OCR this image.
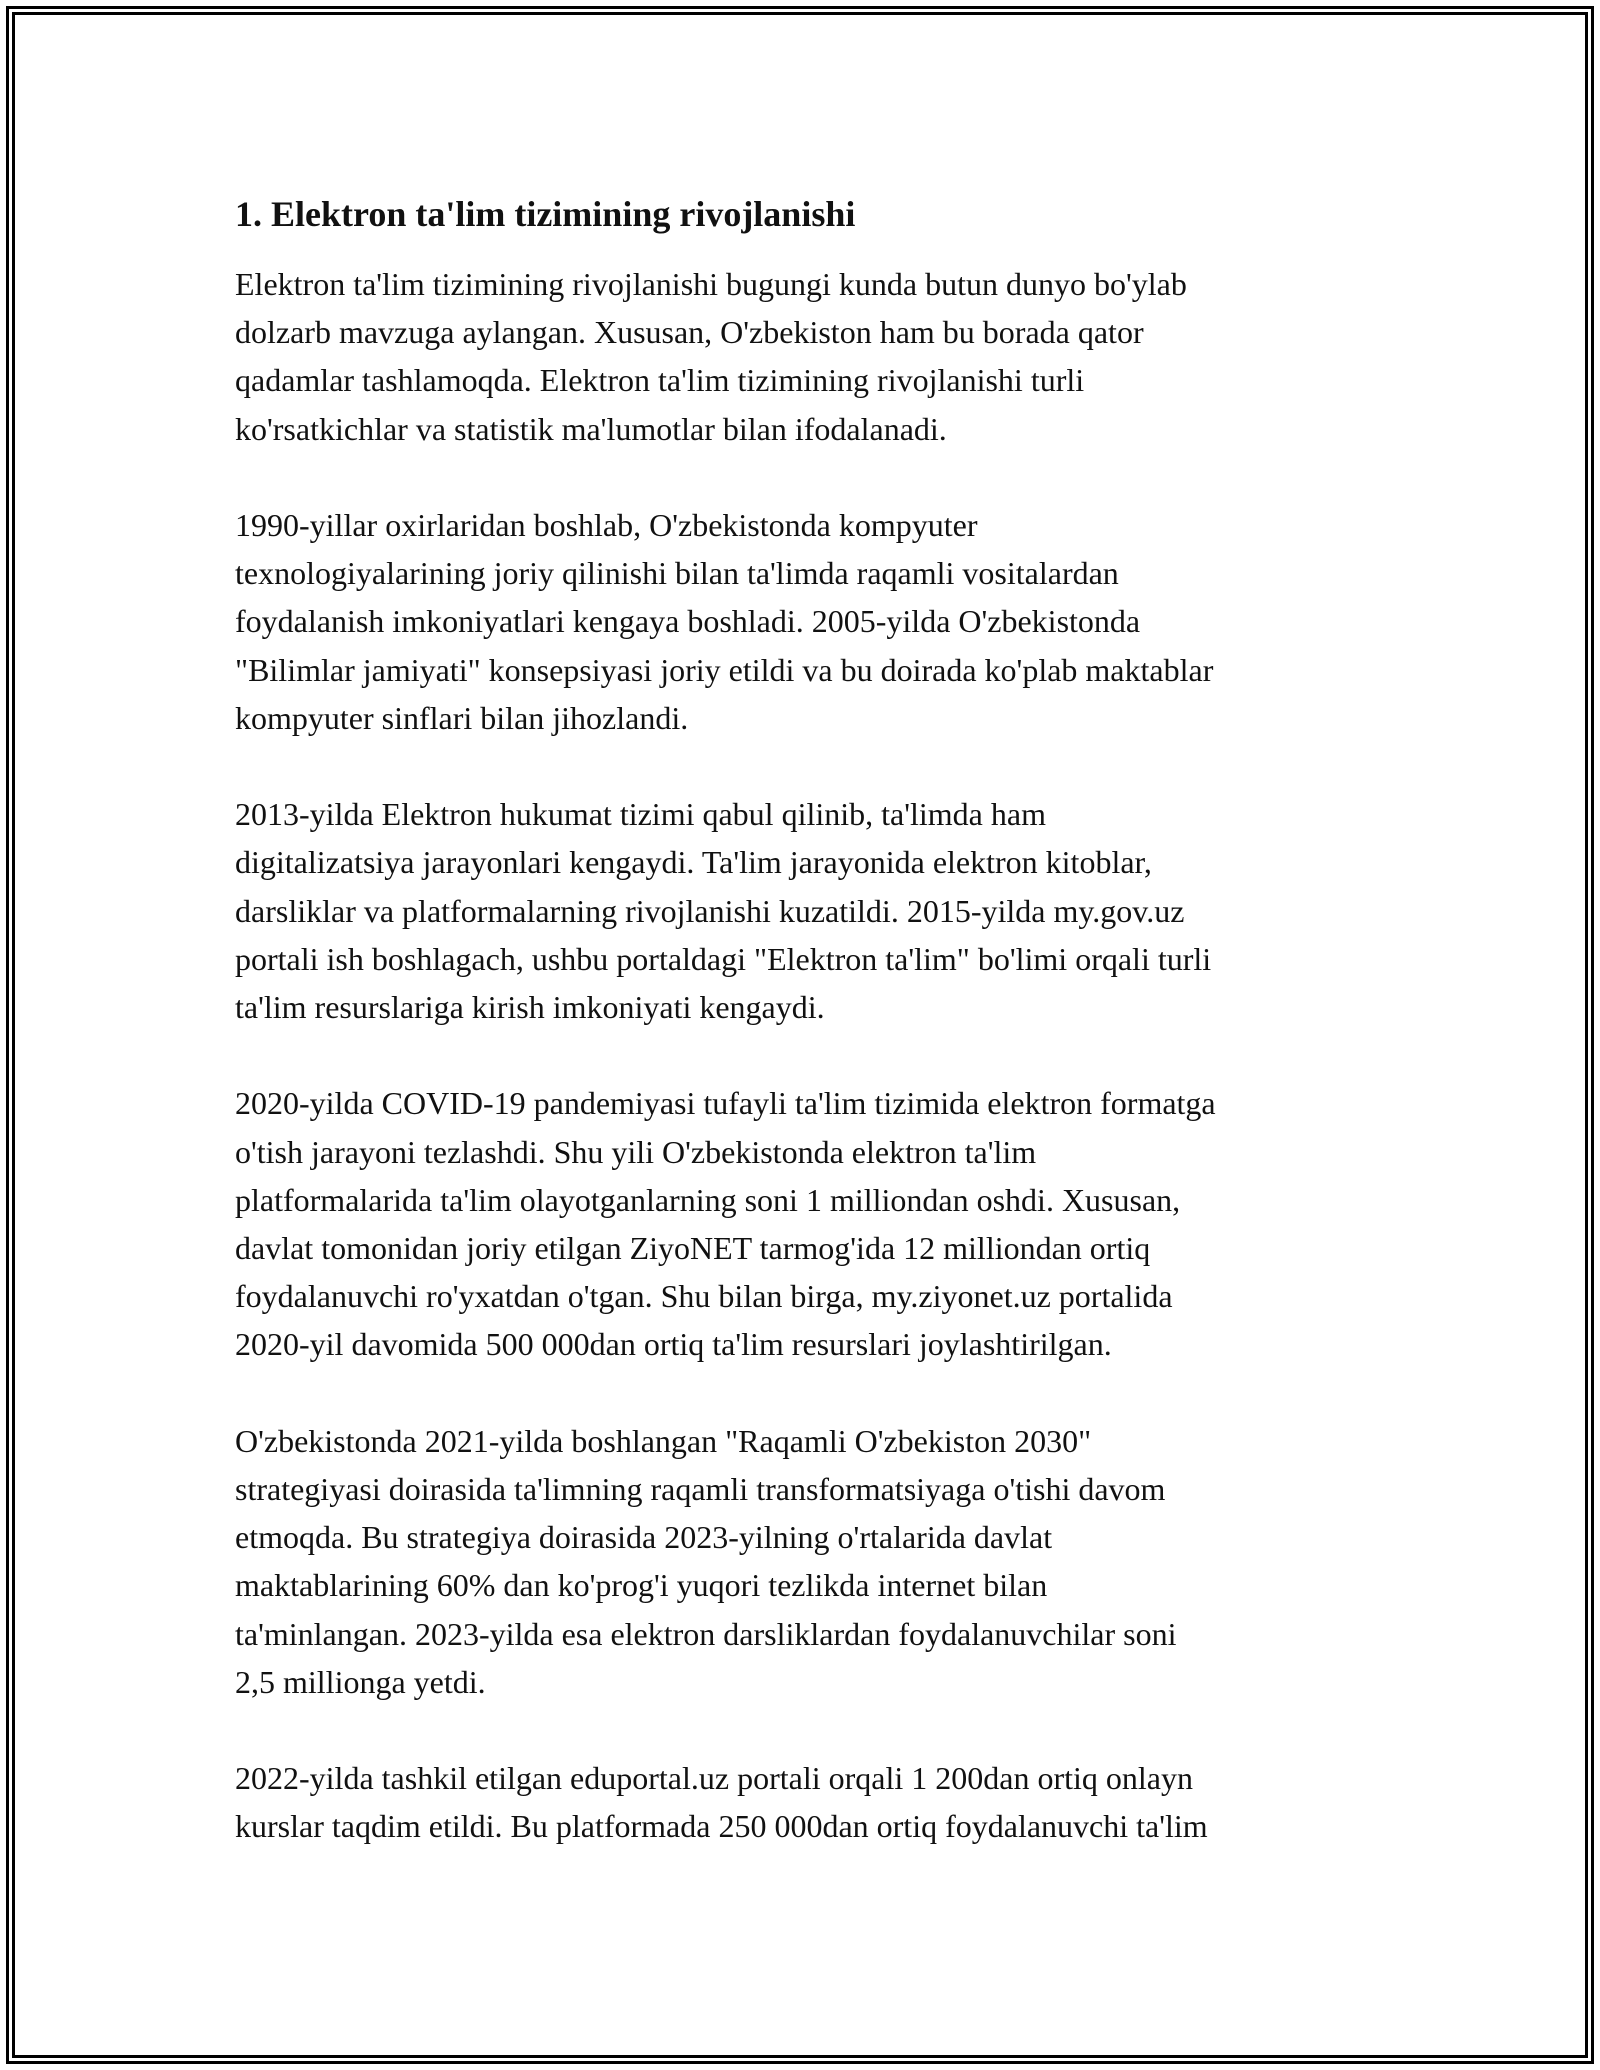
1. Elektron ta'lim tizimining rivojlanishi
Elektron ta'lim tizimining rivojlanishi bugungi kunda butun dunyo bo'ylab
dolzarb mavzuga aylangan. Xususan, O'zbekiston ham bu borada qator
qadamlar tashlamoqda. Elektron ta'lim tizimining rivojlanishi turli
ko'rsatkichlar va statistik ma'lumotlar bilan ifodalanadi.
1990-yillar oxirlaridan boshlab, O'zbekistonda kompyuter
texnologiyalarining joriy qilinishi bilan ta'limda raqamli vositalardan
foydalanish imkoniyatlari kengaya boshladi. 2005-yilda O'zbekistonda
"Bilimlar jamiyati" konsepsiyasi joriy etildi va bu doirada ko'plab maktablar
kompyuter sinflari bilan jihozlandi.
2013-yilda Elektron hukumat tizimi qabul qilinib, ta'limda ham
digitalizatsiya jarayonlari kengaydi. Ta'lim jarayonida elektron kitoblar,
darsliklar va platformalarning rivojlanishi kuzatildi. 2015-yilda my.gov.uz
portali ish boshlagach, ushbu portaldagi "Elektron ta'lim" bo'limi orqali turli
ta'lim resurslariga kirish imkoniyati kengaydi.
2020-yilda COVID-19 pandemiyasi tufayli ta'lim tizimida elektron formatga
o'tish jarayoni tezlashdi. Shu yili O'zbekistonda elektron ta'lim
platformalarida ta'lim olayotganlarning soni 1 milliondan oshdi. Xususan,
davlat tomonidan joriy etilgan ZiyoNET tarmog'ida 12 milliondan ortiq
foydalanuvchi ro'yxatdan o'tgan. Shu bilan birga, my.ziyonet.uz portalida
2020-yil davomida 500 000dan ortiq ta'lim resurslari joylashtirilgan.
O'zbekistonda 2021-yilda boshlangan "Raqamli O'zbekiston 2030"
strategiyasi doirasida ta'limning raqamli transformatsiyaga o'tishi davom
etmoqda. Bu strategiya doirasida 2023-yilning o'rtalarida davlat
maktablarining 60% dan ko'prog'i yuqori tezlikda internet bilan
ta'minlangan. 2023-yilda esa elektron darsliklardan foydalanuvchilar soni
2,5 millionga yetdi.
2022-yilda tashkil etilgan eduportal.uz portali orqali 1 200dan ortiq onlayn
kurslar taqdim etildi. Bu platformada 250 000dan ortiq foydalanuvchi ta'lim
